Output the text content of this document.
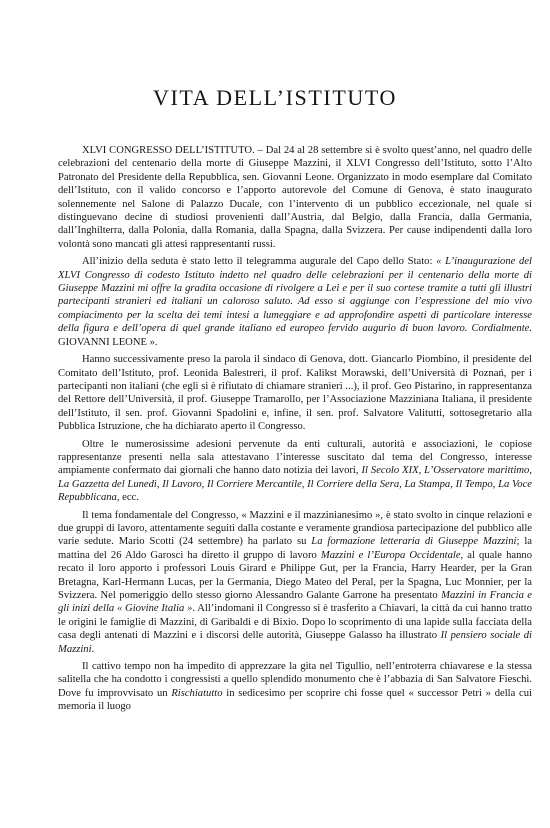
VITA DELL’ISTITUTO

XLVI CONGRESSO DELL’ISTITUTO. – Dal 24 al 28 settembre si è svolto quest’anno, nel quadro delle celebrazioni del centenario della morte di Giuseppe Mazzini, il XLVI Congresso dell’Istituto, sotto l’Alto Patronato del Presidente della Repubblica, sen. Giovanni Leone. Organizzato in modo esemplare dal Comitato dell’Istituto, con il valido concorso e l’apporto autorevole del Comune di Genova, è stato inaugurato solennemente nel Salone di Palazzo Ducale, con l’intervento di un pubblico eccezionale, nel quale si distinguevano decine di studiosi provenienti dall’Austria, dal Belgio, dalla Francia, dalla Germania, dall’Inghilterra, dalla Polonia, dalla Romania, dalla Spagna, dalla Svizzera. Per cause indipendenti dalla loro volontà sono mancati gli attesi rappresentanti russi.

All’inizio della seduta è stato letto il telegramma augurale del Capo dello Stato: « L’inaugurazione del XLVI Congresso di codesto Istituto indetto nel quadro delle celebrazioni per il centenario della morte di Giuseppe Mazzini mi offre la gradita occasione di rivolgere a Lei e per il suo cortese tramite a tutti gli illustri partecipanti stranieri ed italiani un caloroso saluto. Ad esso si aggiunge con l’espressione del mio vivo compiacimento per la scelta dei temi intesi a lumeggiare e ad approfondire aspetti di particolare interesse della figura e dell’opera di quel grande italiano ed europeo fervido augurio di buon lavoro. Cordialmente. GIOVANNI LEONE ».

Hanno successivamente preso la parola il sindaco di Genova, dott. Giancarlo Piombino, il presidente del Comitato dell’Istituto, prof. Leonida Balestreri, il prof. Kalikst Morawski, dell’Università di Poznań, per i partecipanti non italiani (che egli si è rifiutato di chiamare stranieri ...), il prof. Geo Pistarino, in rappresentanza del Rettore dell’Università, il prof. Giuseppe Tramarollo, per l’Associazione Mazziniana Italiana, il presidente dell’Istituto, il sen. prof. Giovanni Spadolini e, infine, il sen. prof. Salvatore Valitutti, sottosegretario alla Pubblica Istruzione, che ha dichiarato aperto il Congresso.

Oltre le numerosissime adesioni pervenute da enti culturali, autorità e associazioni, le copiose rappresentanze presenti nella sala attestavano l’interesse suscitato dal tema del Congresso, interesse ampiamente confermato dai giornali che hanno dato notizia dei lavori, Il Secolo XIX, L’Osservatore marittimo, La Gazzetta del Lunedì, Il Lavoro, Il Corriere Mercantile, Il Corriere della Sera, La Stampa, Il Tempo, La Voce Repubblicana, ecc.

Il tema fondamentale del Congresso, « Mazzini e il mazzinianesimo », è stato svolto in cinque relazioni e due gruppi di lavoro, attentamente seguiti dalla costante e veramente grandiosa partecipazione del pubblico alle varie sedute. Mario Scotti (24 settembre) ha parlato su La formazione letteraria di Giuseppe Mazzini; la mattina del 26 Aldo Garosci ha diretto il gruppo di lavoro Mazzini e l’Europa Occidentale, al quale hanno recato il loro apporto i professori Louis Girard e Philippe Gut, per la Francia, Harry Hearder, per la Gran Bretagna, Karl-Hermann Lucas, per la Germania, Diego Mateo del Peral, per la Spagna, Luc Monnier, per la Svizzera. Nel pomeriggio dello stesso giorno Alessandro Galante Garrone ha presentato Mazzini in Francia e gli inizi della « Giovine Italia ». All’indomani il Congresso si è trasferito a Chiavari, la città da cui hanno tratto le origini le famiglie di Mazzini, di Garibaldi e di Bixio. Dopo lo scoprimento di una lapide sulla facciata della casa degli antenati di Mazzini e i discorsi delle autorità, Giuseppe Galasso ha illustrato Il pensiero sociale di Mazzini.

Il cattivo tempo non ha impedito di apprezzare la gita nel Tigullio, nell’entroterra chiavarese e la stessa salitella che ha condotto i congressisti a quello splendido monumento che è l’abbazia di San Salvatore Fieschi. Dove fu improvvisato un Rischiatutto in sedicesimo per scoprire chi fosse quel « successor Petri » della cui memoria il luogo
